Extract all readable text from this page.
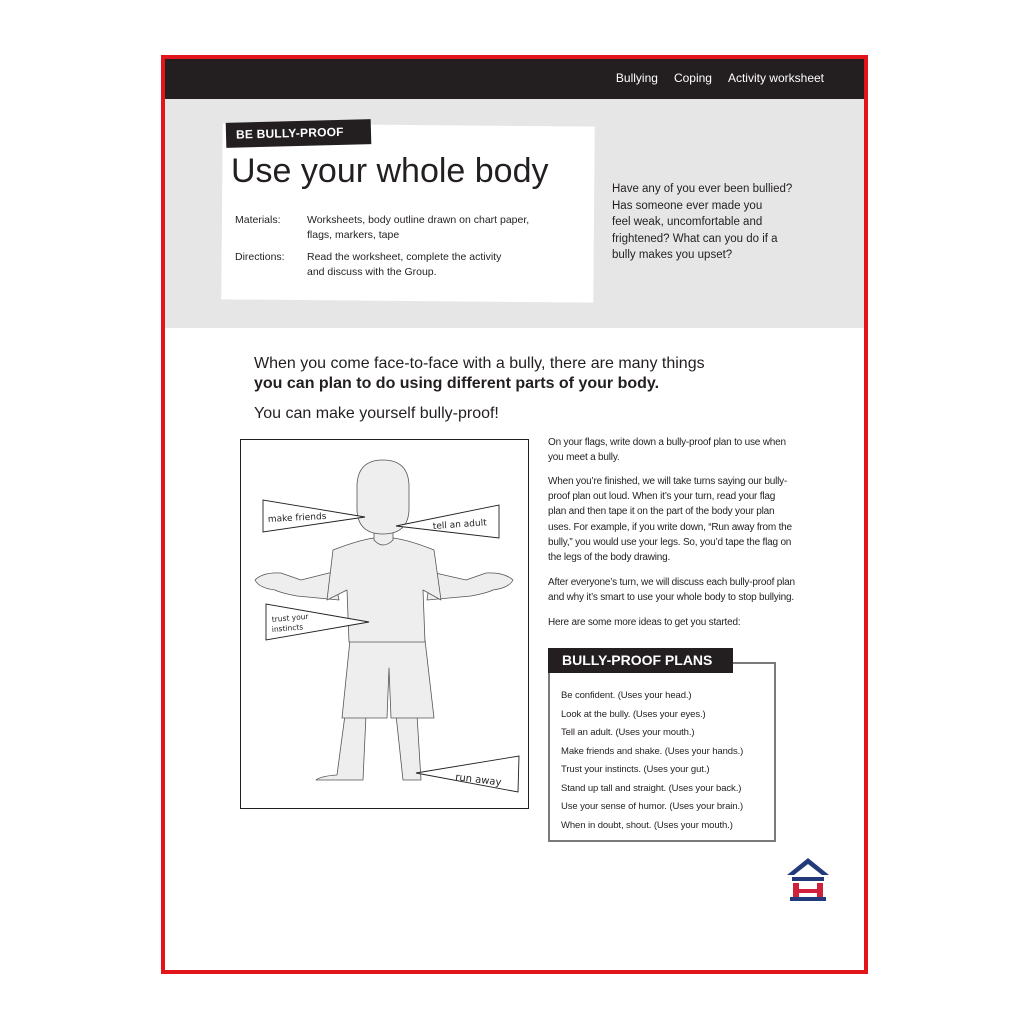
Bullying Coping Activity worksheet
Have any of you ever been bullied?
Has someone ever made you
feel weak, uncomfortable and
frightened? What can you do if a
bully makes you upset?
BE BULLY-PROOF
Use your whole body
Materials:	Worksheets, body outline drawn on chart paper,
flags, markers, tape
Directions: Read the worksheet, complete the activity
and discuss with the Group.
When you come face-to-face with a bully, there are many things
you can plan to do using different parts of your body.
You can make yourself bully-proof!
make friends	tell an adult
trust your
instincts
run away
On your flags, write down a bully-proof plan to use when
you meet a bully.
When you’re finished, we will take turns saying our bully-
proof plan out loud. When it’s your turn, read your flag
plan and then tape it on the part of the body your plan
uses. For example, if you write down, “Run away from the
bully,” you would use your legs. So, you’d tape the flag on
the legs of the body drawing.
After everyone’s turn, we will discuss each bully-proof plan
and why it’s smart to use your whole body to stop bullying.
Here are some more ideas to get you started:
BULLY-PROOF PLANS
Be confident. (Uses your head.)
Look at the bully. (Uses your eyes.)
Tell an adult. (Uses your mouth.)
Make friends and shake. (Uses your hands.)
Trust your instincts. (Uses your gut.)
Stand up tall and straight. (Uses your back.)
Use your sense of humor. (Uses your brain.)
When in doubt, shout. (Uses your mouth.)
